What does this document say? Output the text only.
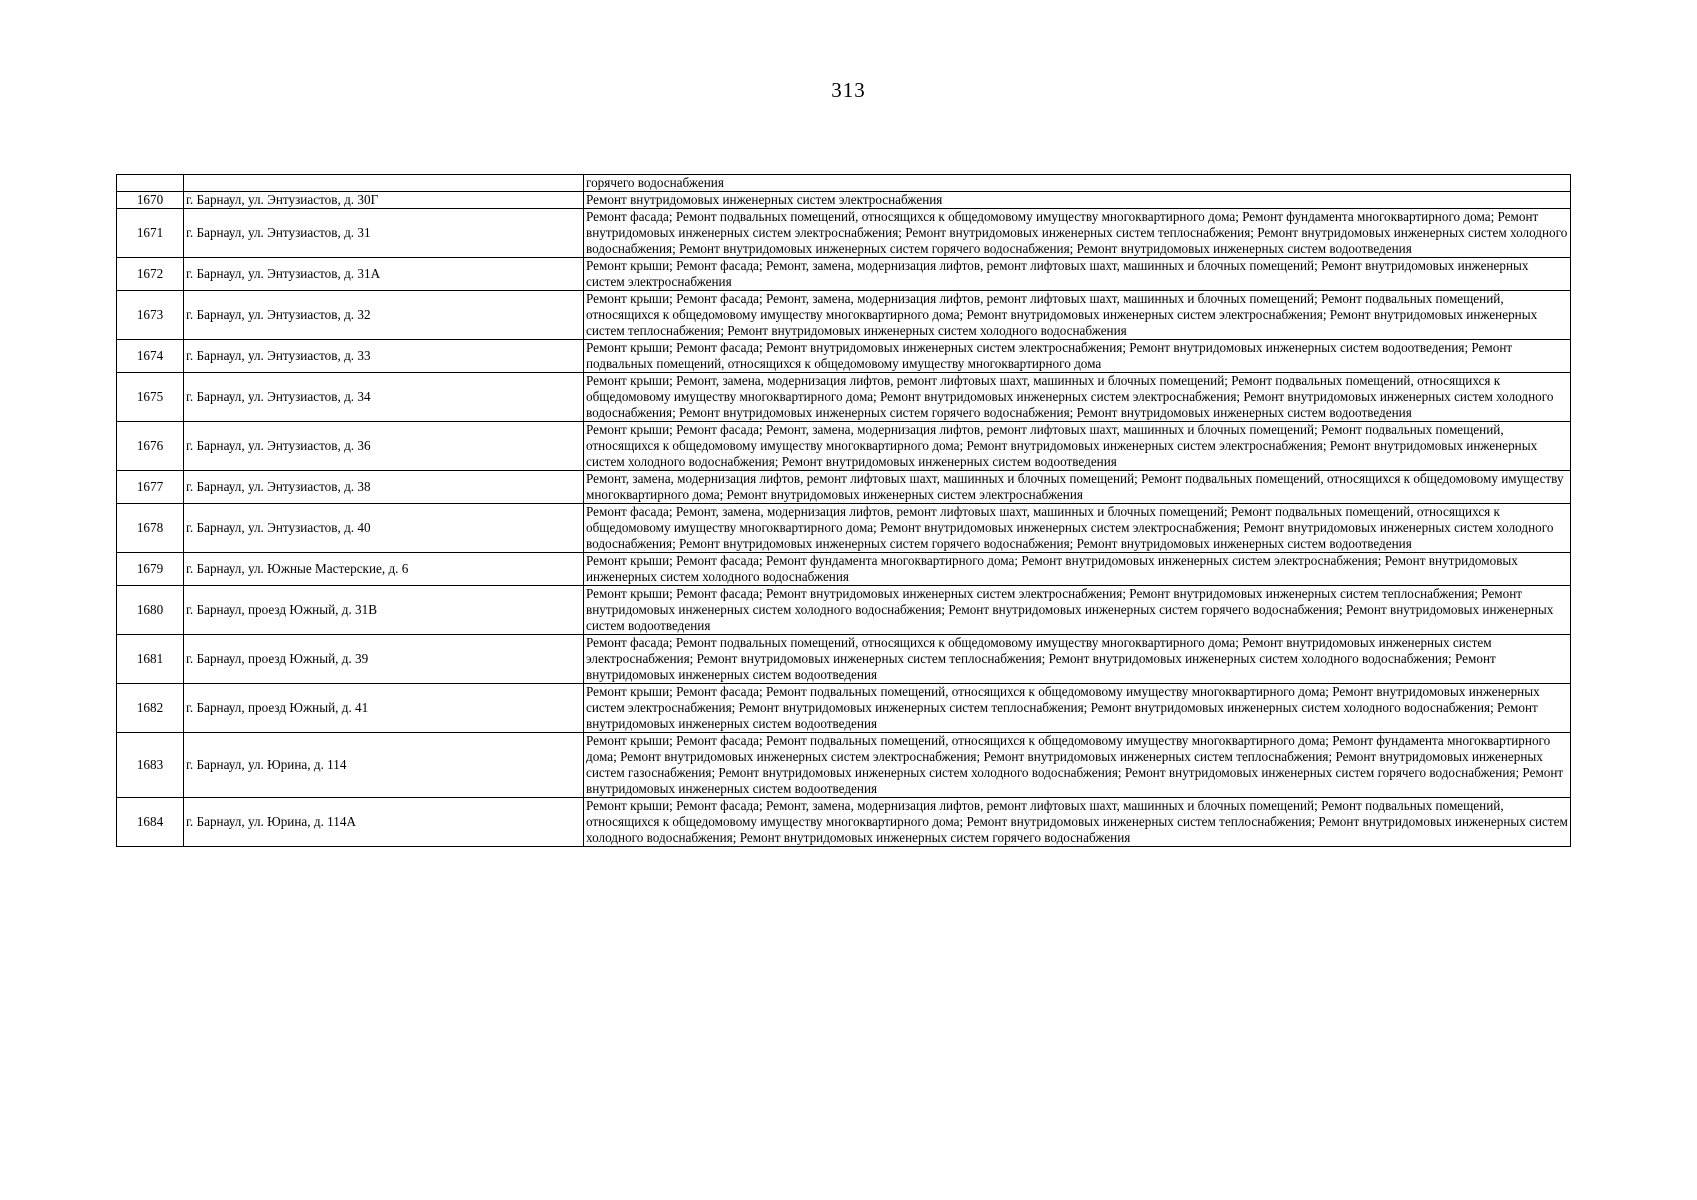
313
		горячего водоснабжения
1670	г. Барнаул, ул. Энтузиастов, д. 30Г	Ремонт внутридомовых инженерных систем электроснабжения
1671	г. Барнаул, ул. Энтузиастов, д. 31	Ремонт фасада; Ремонт подвальных помещений, относящихся к общедомовому имуществу многоквартирного дома; Ремонт фундамента многоквартирного дома; Ремонт внутридомовых инженерных систем электроснабжения; Ремонт внутридомовых инженерных систем теплоснабжения; Ремонт внутридомовых инженерных систем холодного водоснабжения; Ремонт внутридомовых инженерных систем горячего водоснабжения; Ремонт внутридомовых инженерных систем водоотведения
1672	г. Барнаул, ул. Энтузиастов, д. 31А	Ремонт крыши; Ремонт фасада; Ремонт, замена, модернизация лифтов, ремонт лифтовых шахт, машинных и блочных помещений; Ремонт внутридомовых инженерных систем электроснабжения
1673	г. Барнаул, ул. Энтузиастов, д. 32	Ремонт крыши; Ремонт фасада; Ремонт, замена, модернизация лифтов, ремонт лифтовых шахт, машинных и блочных помещений; Ремонт подвальных помещений, относящихся к общедомовому имуществу многоквартирного дома; Ремонт внутридомовых инженерных систем электроснабжения; Ремонт внутридомовых инженерных систем теплоснабжения; Ремонт внутридомовых инженерных систем холодного водоснабжения
1674	г. Барнаул, ул. Энтузиастов, д. 33	Ремонт крыши; Ремонт фасада; Ремонт внутридомовых инженерных систем электроснабжения; Ремонт внутридомовых инженерных систем водоотведения; Ремонт подвальных помещений, относящихся к общедомовому имуществу многоквартирного дома
1675	г. Барнаул, ул. Энтузиастов, д. 34	Ремонт крыши; Ремонт, замена, модернизация лифтов, ремонт лифтовых шахт, машинных и блочных помещений; Ремонт подвальных помещений, относящихся к общедомовому имуществу многоквартирного дома; Ремонт внутридомовых инженерных систем электроснабжения; Ремонт внутридомовых инженерных систем холодного водоснабжения; Ремонт внутридомовых инженерных систем горячего водоснабжения; Ремонт внутридомовых инженерных систем водоотведения
1676	г. Барнаул, ул. Энтузиастов, д. 36	Ремонт крыши; Ремонт фасада; Ремонт, замена, модернизация лифтов, ремонт лифтовых шахт, машинных и блочных помещений; Ремонт подвальных помещений, относящихся к общедомовому имуществу многоквартирного дома; Ремонт внутридомовых инженерных систем электроснабжения; Ремонт внутридомовых инженерных систем холодного водоснабжения; Ремонт внутридомовых инженерных систем водоотведения
1677	г. Барнаул, ул. Энтузиастов, д. 38	Ремонт, замена, модернизация лифтов, ремонт лифтовых шахт, машинных и блочных помещений; Ремонт подвальных помещений, относящихся к общедомовому имуществу многоквартирного дома; Ремонт внутридомовых инженерных систем электроснабжения
1678	г. Барнаул, ул. Энтузиастов, д. 40	Ремонт фасада; Ремонт, замена, модернизация лифтов, ремонт лифтовых шахт, машинных и блочных помещений; Ремонт подвальных помещений, относящихся к общедомовому имуществу многоквартирного дома; Ремонт внутридомовых инженерных систем электроснабжения; Ремонт внутридомовых инженерных систем холодного водоснабжения; Ремонт внутридомовых инженерных систем горячего водоснабжения; Ремонт внутридомовых инженерных систем водоотведения
1679	г. Барнаул, ул. Южные Мастерские, д. 6	Ремонт крыши; Ремонт фасада; Ремонт фундамента многоквартирного дома; Ремонт внутридомовых инженерных систем электроснабжения; Ремонт внутридомовых инженерных систем холодного водоснабжения
1680	г. Барнаул, проезд Южный, д. 31В	Ремонт крыши; Ремонт фасада; Ремонт внутридомовых инженерных систем электроснабжения; Ремонт внутридомовых инженерных систем теплоснабжения; Ремонт внутридомовых инженерных систем холодного водоснабжения; Ремонт внутридомовых инженерных систем горячего водоснабжения; Ремонт внутридомовых инженерных систем водоотведения
1681	г. Барнаул, проезд Южный, д. 39	Ремонт фасада; Ремонт подвальных помещений, относящихся к общедомовому имуществу многоквартирного дома; Ремонт внутридомовых инженерных систем электроснабжения; Ремонт внутридомовых инженерных систем теплоснабжения; Ремонт внутридомовых инженерных систем холодного водоснабжения; Ремонт внутридомовых инженерных систем водоотведения
1682	г. Барнаул, проезд Южный, д. 41	Ремонт крыши; Ремонт фасада; Ремонт подвальных помещений, относящихся к общедомовому имуществу многоквартирного дома; Ремонт внутридомовых инженерных систем электроснабжения; Ремонт внутридомовых инженерных систем теплоснабжения; Ремонт внутридомовых инженерных систем холодного водоснабжения; Ремонт внутридомовых инженерных систем водоотведения
1683	г. Барнаул, ул. Юрина, д. 114	Ремонт крыши; Ремонт фасада; Ремонт подвальных помещений, относящихся к общедомовому имуществу многоквартирного дома; Ремонт фундамента многоквартирного дома; Ремонт внутридомовых инженерных систем электроснабжения; Ремонт внутридомовых инженерных систем теплоснабжения; Ремонт внутридомовых инженерных систем газоснабжения; Ремонт внутридомовых инженерных систем холодного водоснабжения; Ремонт внутридомовых инженерных систем горячего водоснабжения; Ремонт внутридомовых инженерных систем водоотведения
1684	г. Барнаул, ул. Юрина, д. 114А	Ремонт крыши; Ремонт фасада; Ремонт, замена, модернизация лифтов, ремонт лифтовых шахт, машинных и блочных помещений; Ремонт подвальных помещений, относящихся к общедомовому имуществу многоквартирного дома; Ремонт внутридомовых инженерных систем теплоснабжения; Ремонт внутридомовых инженерных систем холодного водоснабжения; Ремонт внутридомовых инженерных систем горячего водоснабжения
